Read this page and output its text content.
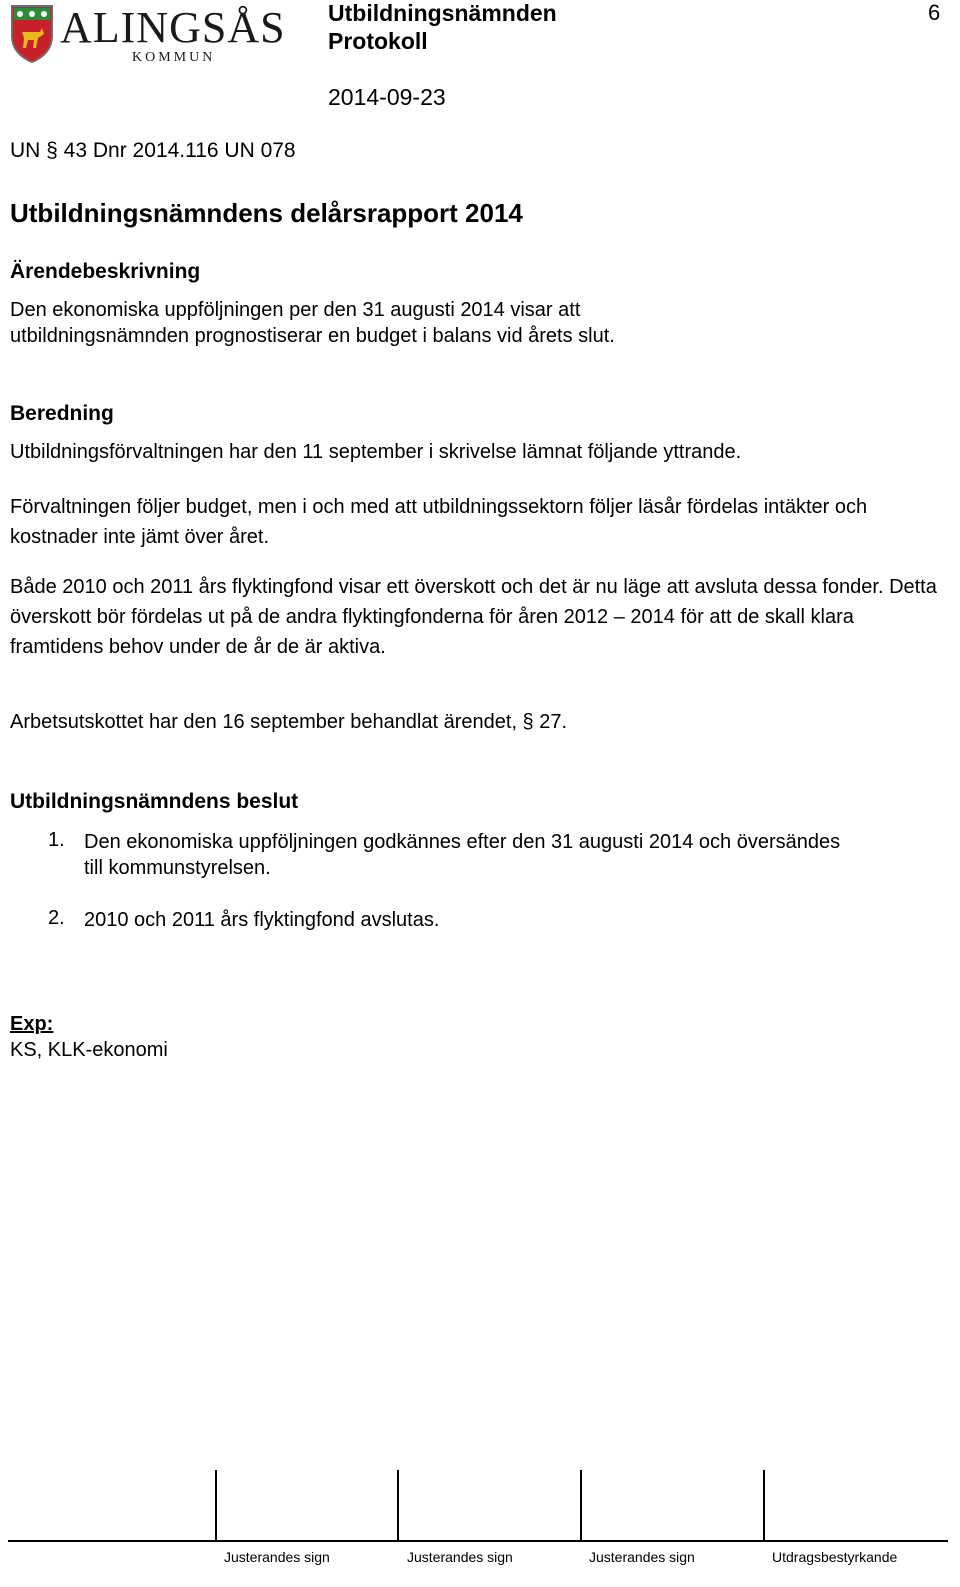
ALINGSÅS
KOMMUN
Utbildningsnämnden
Protokoll
2014-09-23
6
UN § 43 Dnr 2014.116 UN 078
Utbildningsnämndens delårsrapport 2014
Ärendebeskrivning
Den ekonomiska uppföljningen per den 31 augusti 2014 visar att utbildningsnämnden prognostiserar en budget i balans vid årets slut.
Beredning
Utbildningsförvaltningen har den 11 september i skrivelse lämnat följande yttrande.
Förvaltningen följer budget, men i och med att utbildningssektorn följer läsår fördelas intäkter och kostnader inte jämt över året.
Både 2010 och 2011 års flyktingfond visar ett överskott och det är nu läge att avsluta dessa fonder. Detta överskott bör fördelas ut på de andra flyktingfonderna för åren 2012 – 2014 för att de skall klara framtidens behov under de år de är aktiva.
Arbetsutskottet har den 16 september behandlat ärendet, § 27.
Utbildningsnämndens beslut
1. Den ekonomiska uppföljningen godkännes efter den 31 augusti 2014 och översändes till kommunstyrelsen.
2. 2010 och 2011 års flyktingfond avslutas.
Exp:
KS, KLK-ekonomi
Justerandes sign	Justerandes sign	Justerandes sign	Utdragsbestyrkande
